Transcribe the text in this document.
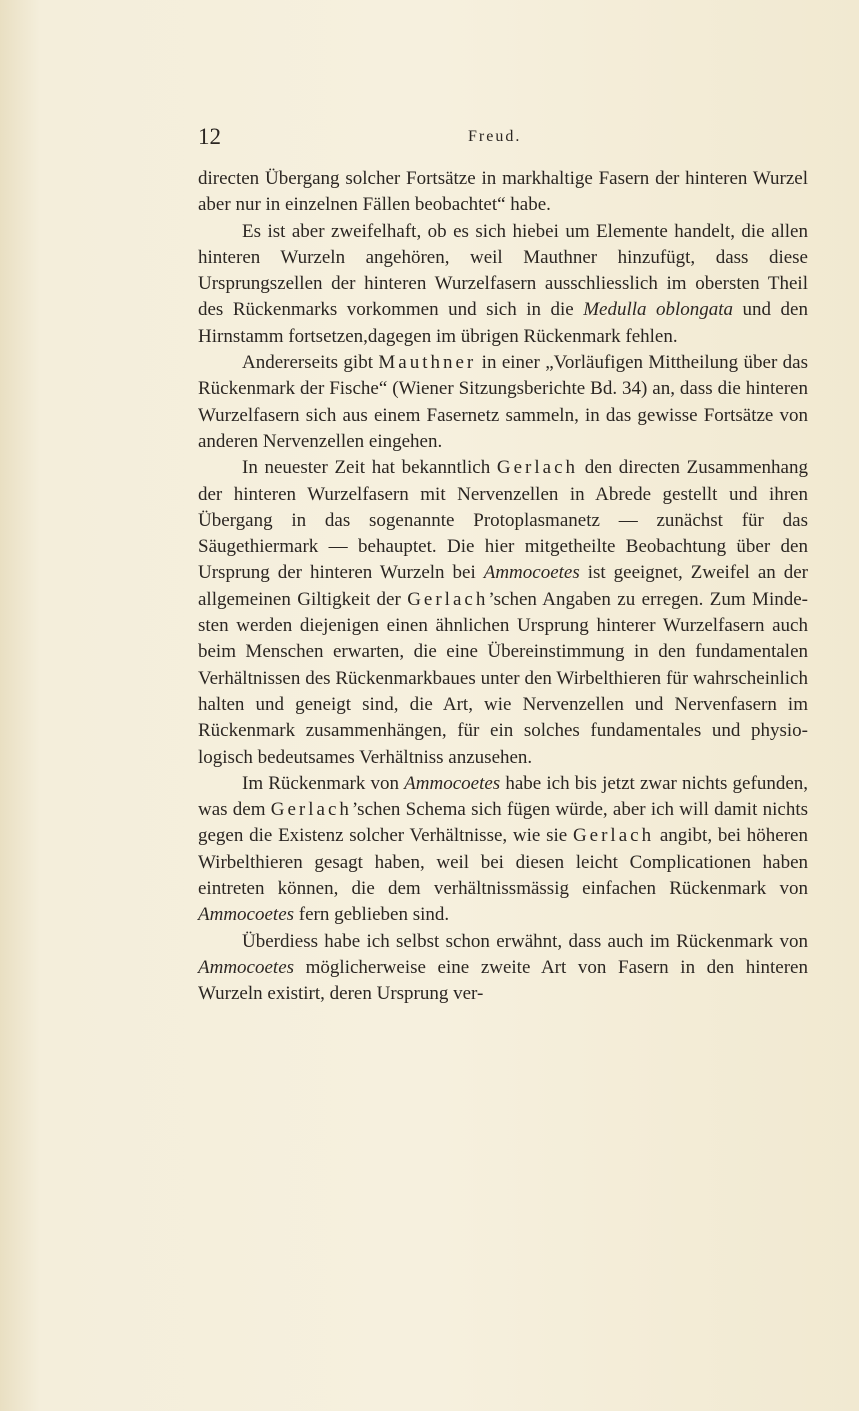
12	Freud.

directen Übergang solcher Fortsätze in markhaltige Fasern der hinteren Wurzel aber nur in einzelnen Fällen beobachtet“ habe.

Es ist aber zweifelhaft, ob es sich hiebei um Elemente handelt, die allen hinteren Wurzeln angehören, weil Mauthner hinzufügt, dass diese Ursprungszellen der hinteren Wurzelfasern ausschliesslich im obersten Theil des Rückenmarks vorkommen und sich in die Medulla oblongata und den Hirnstamm fortsetzen,dagegen im übrigen Rückenmark fehlen.

Andererseits gibt Mauthner in einer „Vorläufigen Mittheilung über das Rückenmark der Fische“ (Wiener Sitzungsberichte Bd. 34) an, dass die hinteren Wurzelfasern sich aus einem Fasernetz sammeln, in das gewisse Fortsätze von anderen Nervenzellen eingehen.

In neuester Zeit hat bekanntlich Gerlach den directen Zusammenhang der hinteren Wurzelfasern mit Nervenzellen in Abrede gestellt und ihren Übergang in das sogenannte Protoplasmanetz — zunächst für das Säugethiermark — behauptet. Die hier mitgetheilte Beobachtung über den Ursprung der hinteren Wurzeln bei Ammocoetes ist geeignet, Zweifel an der allgemeinen Giltigkeit der Gerlach’schen Angaben zu erregen. Zum Mindesten werden diejenigen einen ähnlichen Ursprung hinterer Wurzelfasern auch beim Menschen erwarten, die eine Übereinstimmung in den fundamentalen Verhältnissen des Rückenmarkbaues unter den Wirbelthieren für wahrscheinlich halten und geneigt sind, die Art, wie Nervenzellen und Nervenfasern im Rückenmark zusammenhängen, für ein solches fundamentales und physiologisch bedeutsames Verhältniss anzusehen.

Im Rückenmark von Ammocoetes habe ich bis jetzt zwar nichts gefunden, was dem Gerlach’schen Schema sich fügen würde, aber ich will damit nichts gegen die Existenz solcher Verhältnisse, wie sie Gerlach angibt, bei höheren Wirbelthieren gesagt haben, weil bei diesen leicht Complicationen haben eintreten können, die dem verhältnissmässig einfachen Rückenmark von Ammocoetes fern geblieben sind.

Überdiess habe ich selbst schon erwähnt, dass auch im Rückenmark von Ammocoetes möglicherweise eine zweite Art von Fasern in den hinteren Wurzeln existirt, deren Ursprung ver-
